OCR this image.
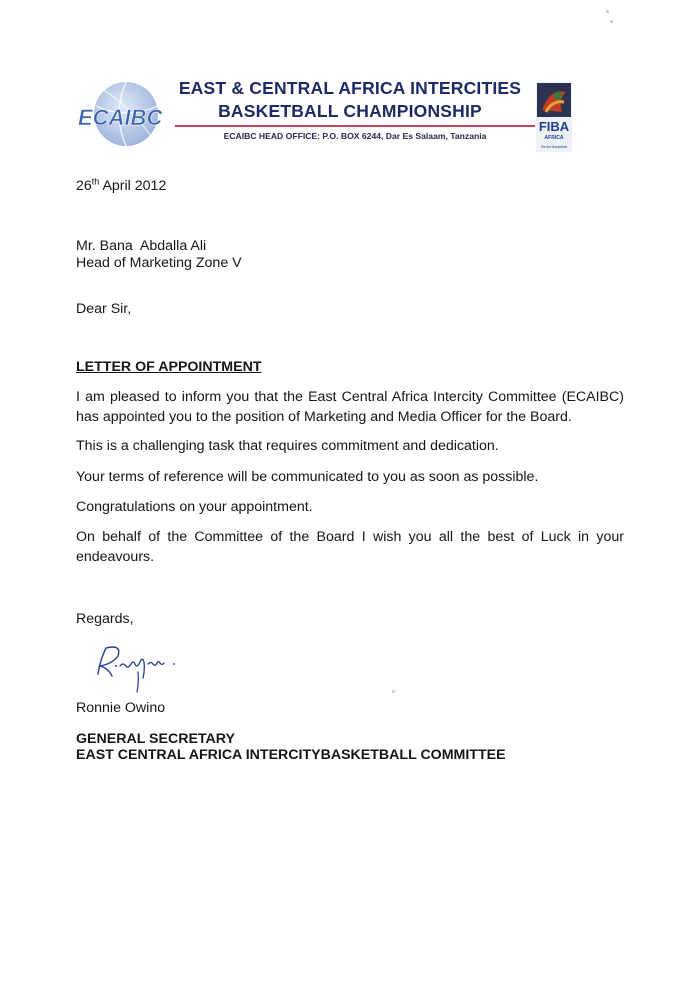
ECAIBC
EAST & CENTRAL AFRICA INTERCITIES
BASKETBALL CHAMPIONSHIP
ECAIBC HEAD OFFICE: P.O. BOX 6244, Dar Es Salaam, Tanzania
FIBA
AFRICA
We Are Basketball
26th April 2012
Mr. Bana  Abdalla Ali
Head of Marketing Zone V
Dear Sir,
LETTER OF APPOINTMENT
I am pleased to inform you that the East Central Africa Intercity Committee (ECAIBC) has appointed you to the position of Marketing and Media Officer for the Board.
This is a challenging task that requires commitment and dedication.
Your terms of reference will be communicated to you as soon as possible.
Congratulations on your appointment.
On behalf of the Committee of the Board I wish you all the best of Luck in your endeavours.
Regards,
Ronnie Owino
GENERAL SECRETARY
EAST CENTRAL AFRICA INTERCITYBASKETBALL COMMITTEE
